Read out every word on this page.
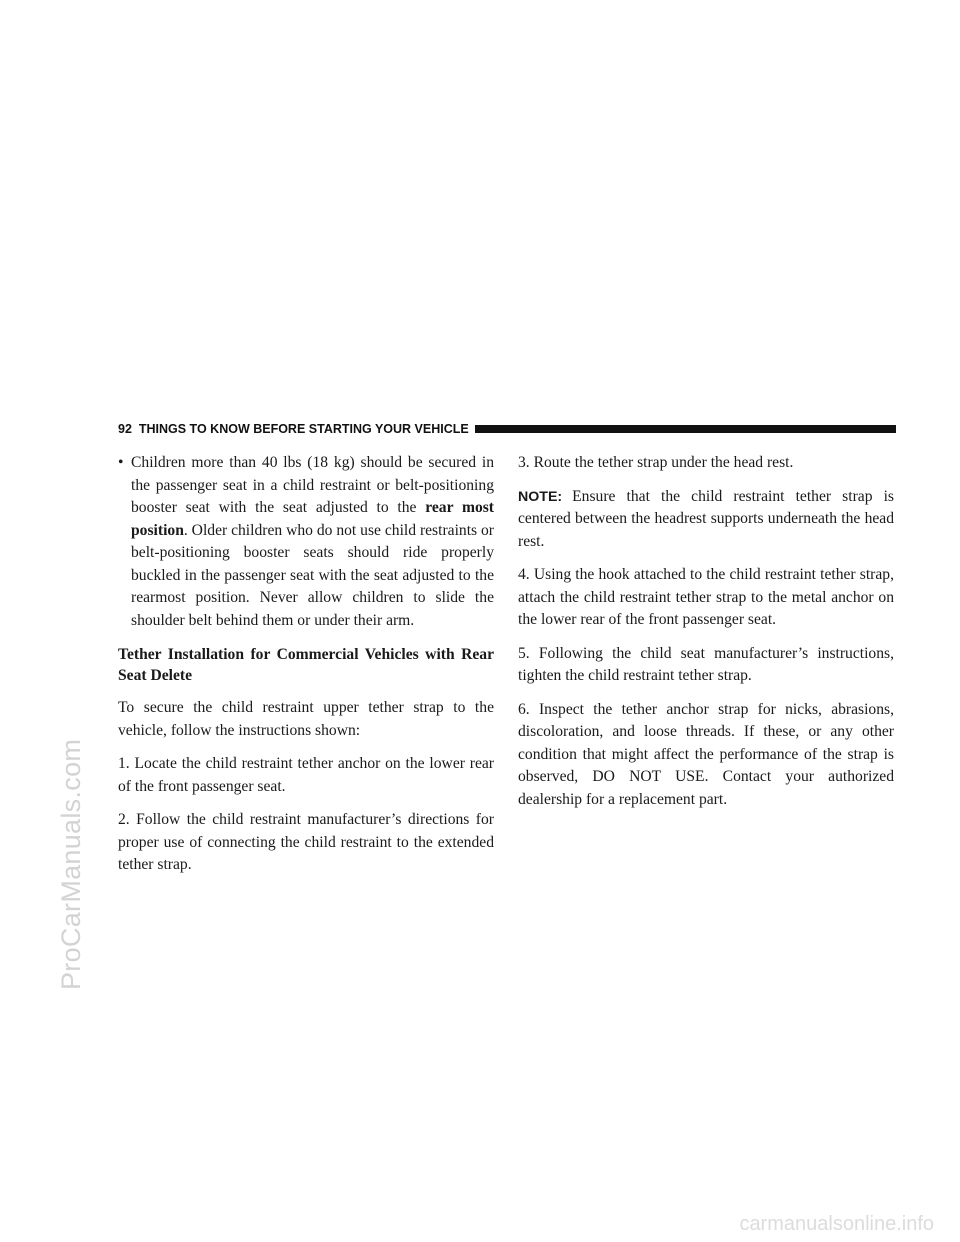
ProCarManuals.com
92 THINGS TO KNOW BEFORE STARTING YOUR VEHICLE
• Children more than 40 lbs (18 kg) should be secured in the passenger seat in a child restraint or belt-positioning booster seat with the seat adjusted to the rear most position. Older children who do not use child restraints or belt-positioning booster seats should ride properly buckled in the passenger seat with the seat adjusted to the rearmost position. Never allow children to slide the shoulder belt behind them or under their arm.

Tether Installation for Commercial Vehicles with Rear Seat Delete

To secure the child restraint upper tether strap to the vehicle, follow the instructions shown:

1. Locate the child restraint tether anchor on the lower rear of the front passenger seat.

2. Follow the child restraint manufacturer’s directions for proper use of connecting the child restraint to the extended tether strap.

3. Route the tether strap under the head rest.

NOTE: Ensure that the child restraint tether strap is centered between the headrest supports underneath the head rest.

4. Using the hook attached to the child restraint tether strap, attach the child restraint tether strap to the metal anchor on the lower rear of the front passenger seat.

5. Following the child seat manufacturer’s instructions, tighten the child restraint tether strap.

6. Inspect the tether anchor strap for nicks, abrasions, discoloration, and loose threads. If these, or any other condition that might affect the performance of the strap is observed, DO NOT USE. Contact your authorized dealership for a replacement part.

carmanualsonline.info
